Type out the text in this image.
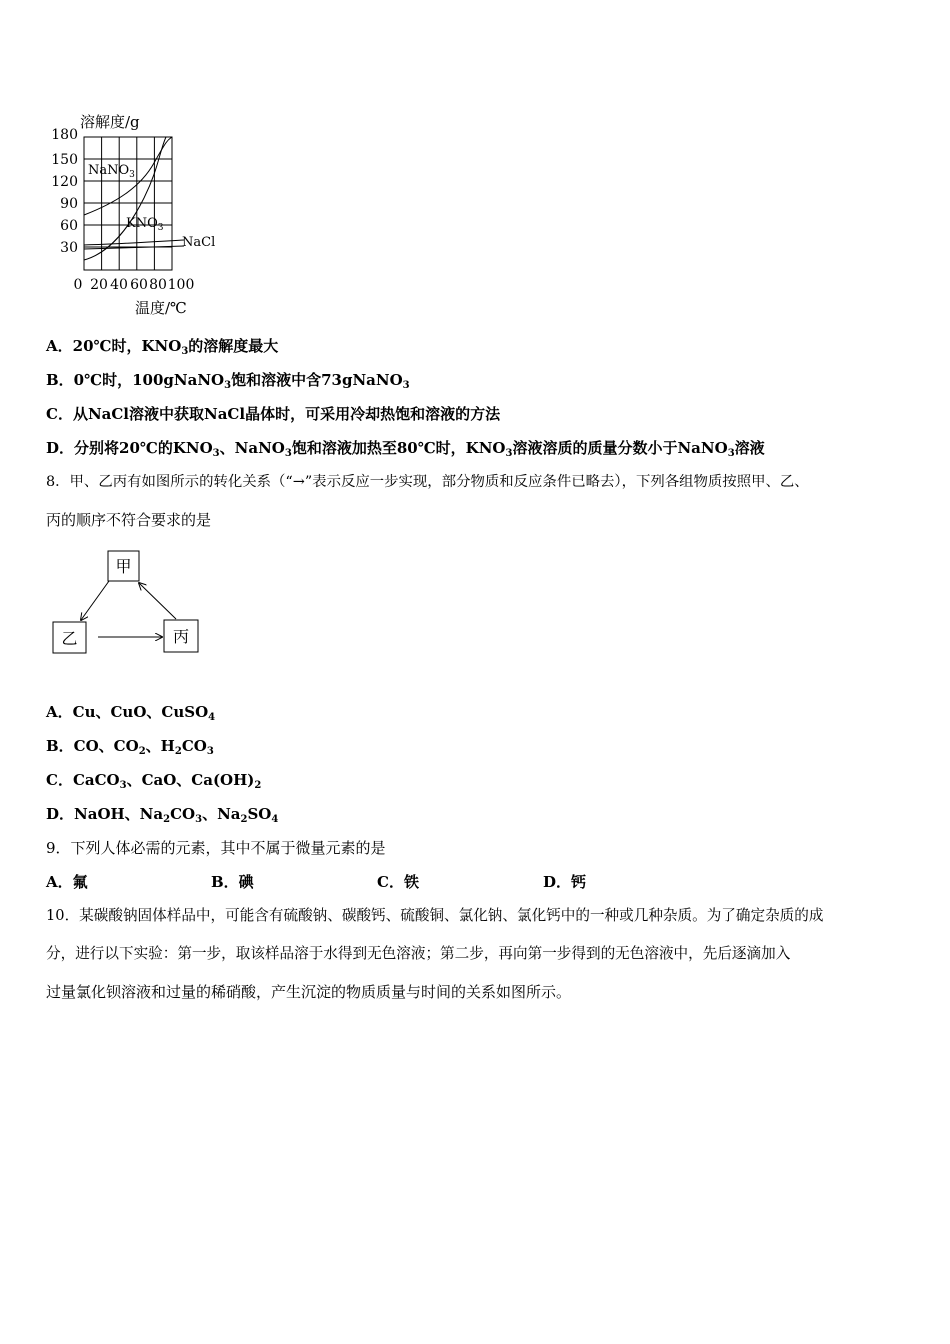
溶解度/g
180
150
120
90
60
30
0 20 40 60 80 100
温度/℃
NaNO$_3$
$KNO_3$
NaCl
A．20℃时，$KNO_3$的溶解度最大
B．0℃时，100gNaNO$_3$饱和溶液中含73gNaNO$_3$
C．从NaCl溶液中获取NaCl晶体时，可采用冷却热饱和溶液的方法
D．分别将20℃的$KNO_3$、NaNO$_3$饱和溶液加热至80℃时，$KNO_3$溶液溶质的质量分数小于NaNO$_3$溶液
8．甲、乙丙有如图所示的转化关系（“→”表示反应一步实现，部分物质和反应条件已略去），下列各组物质按照甲、乙、
丙的顺序不符合要求的是
甲
乙	丙
A．Cu、CuO、CuSO$_4$
B．CO、$CO_2$、$H_2CO_3$
C．CaCO$_3$、CaO、$Ca(OH)_2$
D．NaOH、$Na_2CO_3$、$Na_2SO_4$
9．下列人体必需的元素，其中不属于微量元素的是
A．氟	B．碘	C．铁	D．钙
10．某碳酸钠固体样品中，可能含有硫酸钠、碳酸钙、硫酸铜、氯化钠、氯化钙中的一种或几种杂质。为了确定杂质的成
分，进行以下实验：第一步，取该样品溶于水得到无色溶液；第二步，再向第一步得到的无色溶液中，先后逐滴加入
过量氯化钡溶液和过量的稀硝酸，产生沉淀的物质质量与时间的关系如图所示。
